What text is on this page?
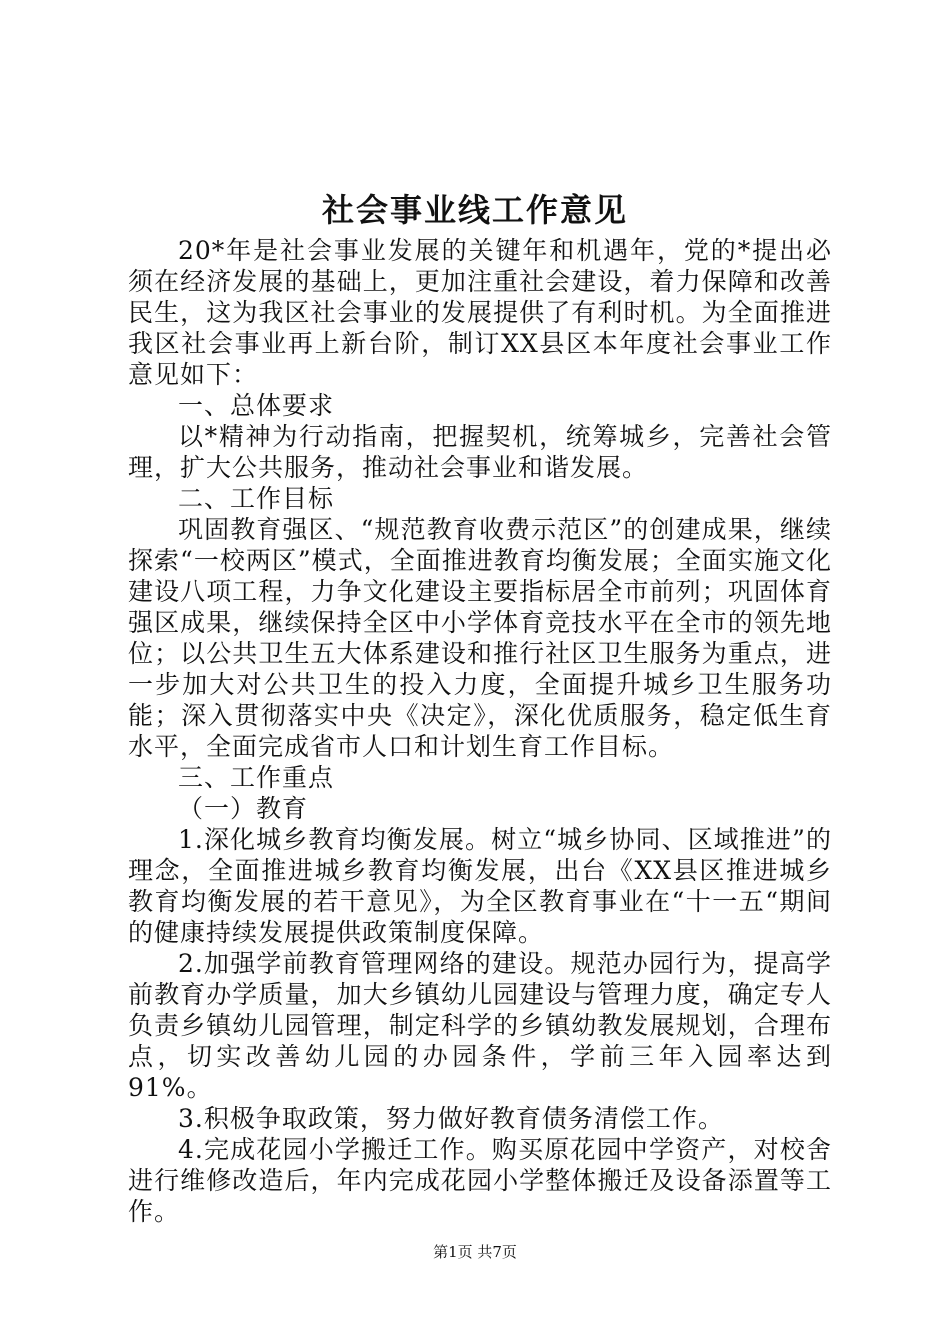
社会事业线工作意见

20*年是社会事业发展的关键年和机遇年，党的*提出必须在经济发展的基础上，更加注重社会建设，着力保障和改善民生，这为我区社会事业的发展提供了有利时机。为全面推进我区社会事业再上新台阶，制订XX县区本年度社会事业工作意见如下：

一、总体要求

以*精神为行动指南，把握契机，统筹城乡，完善社会管理，扩大公共服务，推动社会事业和谐发展。

二、工作目标

巩固教育强区、“规范教育收费示范区”的创建成果，继续探索“一校两区”模式，全面推进教育均衡发展；全面实施文化建设八项工程，力争文化建设主要指标居全市前列；巩固体育强区成果，继续保持全区中小学体育竞技水平在全市的领先地位；以公共卫生五大体系建设和推行社区卫生服务为重点，进一步加大对公共卫生的投入力度，全面提升城乡卫生服务功能；深入贯彻落实中央《决定》，深化优质服务，稳定低生育水平，全面完成省市人口和计划生育工作目标。

三、工作重点

（一）教育

1.深化城乡教育均衡发展。树立“城乡协同、区域推进”的理念，全面推进城乡教育均衡发展，出台《XX县区推进城乡教育均衡发展的若干意见》，为全区教育事业在“十一五“期间的健康持续发展提供政策制度保障。

2.加强学前教育管理网络的建设。规范办园行为，提高学前教育办学质量，加大乡镇幼儿园建设与管理力度，确定专人负责乡镇幼儿园管理，制定科学的乡镇幼教发展规划，合理布点，切实改善幼儿园的办园条件，学前三年入园率达到91%。

3.积极争取政策，努力做好教育债务清偿工作。

4.完成花园小学搬迁工作。购买原花园中学资产，对校舍进行维修改造后，年内完成花园小学整体搬迁及设备添置等工作。

第1页 共7页
